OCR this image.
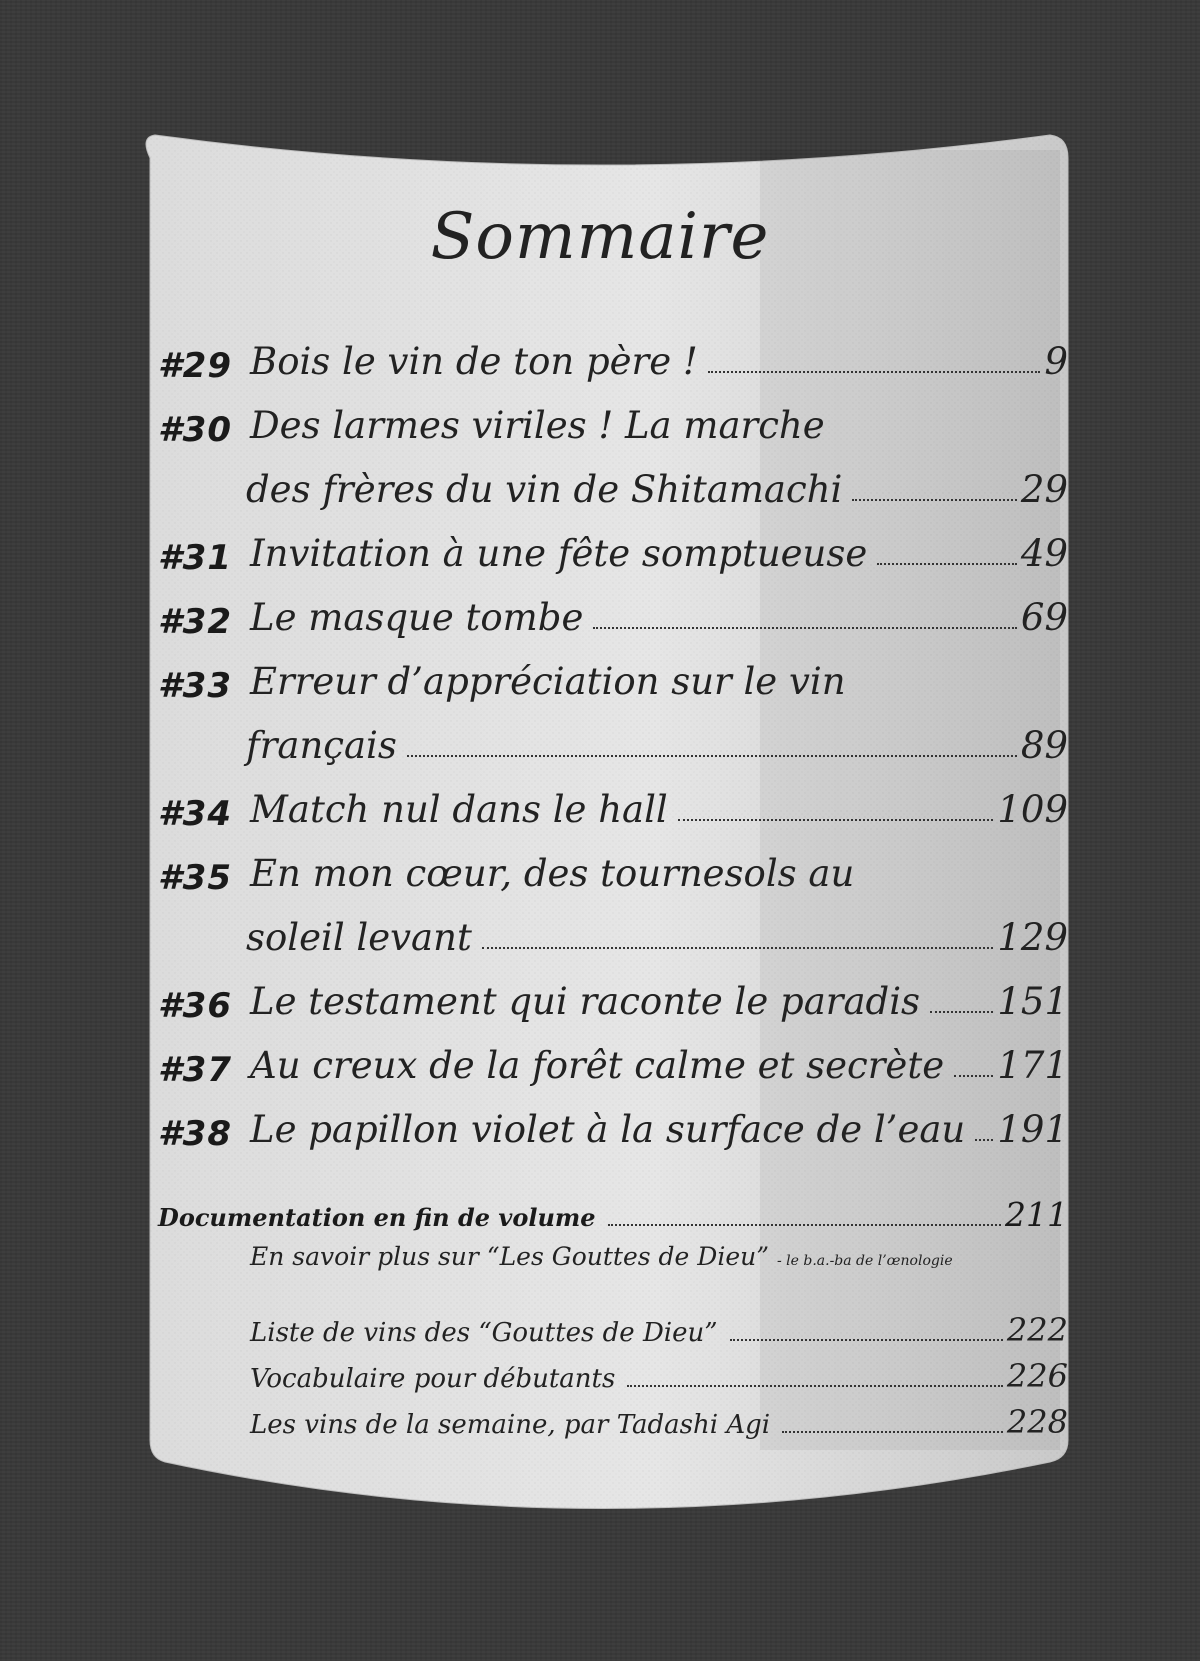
Sommaire
#29 Bois le vin de ton père !	9
#30 Des larmes viriles ! La marche
des frères du vin de Shitamachi	29
#31 Invitation à une fête somptueuse	49
#32 Le masque tombe	69
#33 Erreur d’appréciation sur le vin
français	89
#34 Match nul dans le hall	109
#35 En mon cœur, des tournesols au
soleil levant	129
#36 Le testament qui raconte le paradis 151
#37 Au creux de la forêt calme et secrète 171
#38 Le papillon violet à la surface de l’eau 191
Documentation en fin de volume	211
En savoir plus sur “Les Gouttes de Dieu” - le b.a.-ba de l’œnologie
Liste de vins des “Gouttes de Dieu”	222
Vocabulaire pour débutants	226
Les vins de la semaine, par Tadashi Agi	228
